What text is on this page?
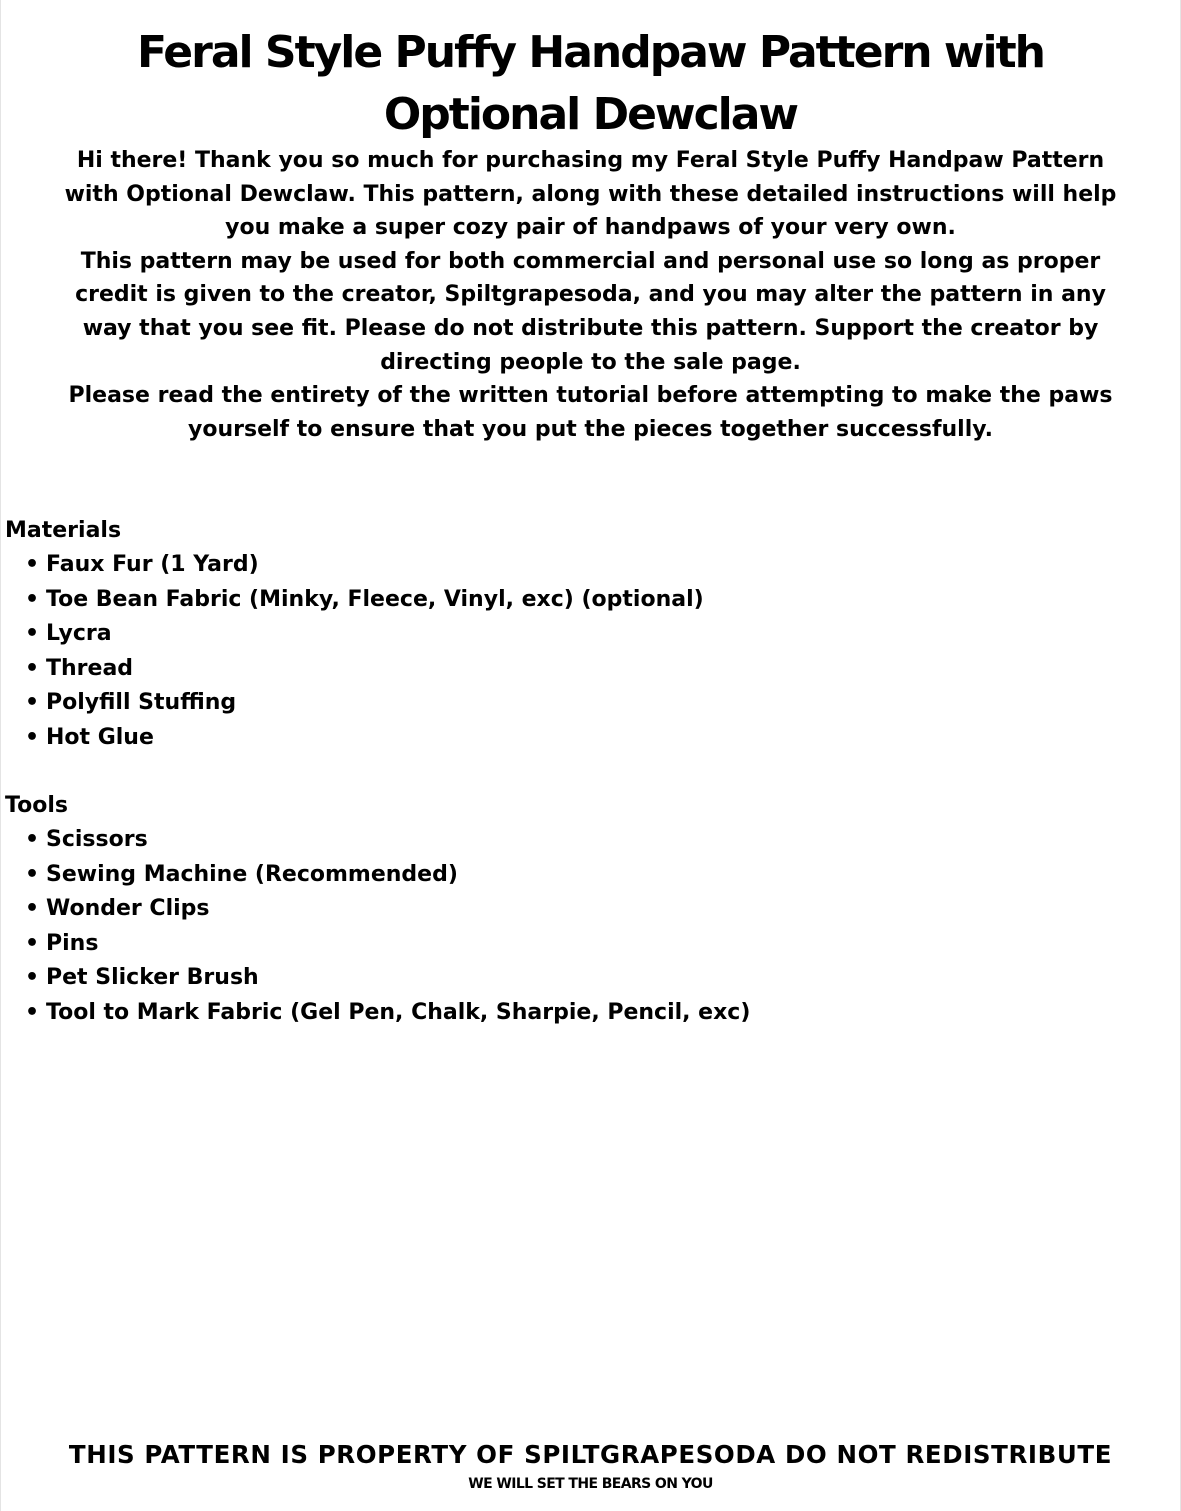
Feral Style Puffy Handpaw Pattern with
Optional Dewclaw

Hi there! Thank you so much for purchasing my Feral Style Puffy Handpaw Pattern

with Optional Dewclaw. This pattern, along with these detailed instructions will help

you make a super cozy pair of handpaws of your very own.

This pattern may be used for both commercial and personal use so long as proper

credit is given to the creator, Spiltgrapesoda, and you may alter the pattern in any

way that you see fit. Please do not distribute this pattern. Support the creator by

directing people to the sale page.

Please read the entirety of the written tutorial before attempting to make the paws

yourself to ensure that you put the pieces together successfully.

Materials
• Faux Fur (1 Yard)
• Toe Bean Fabric (Minky, Fleece, Vinyl, exc) (optional)
• Lycra
• Thread
• Polyfill Stuffing
• Hot Glue
Tools
• Scissors
• Sewing Machine (Recommended)
• Wonder Clips
• Pins
• Pet Slicker Brush
• Tool to Mark Fabric (Gel Pen, Chalk, Sharpie, Pencil, exc)
THIS PATTERN IS PROPERTY OF SPILTGRAPESODA DO NOT REDISTRIBUTE
WE WILL SET THE BEARS ON YOU
